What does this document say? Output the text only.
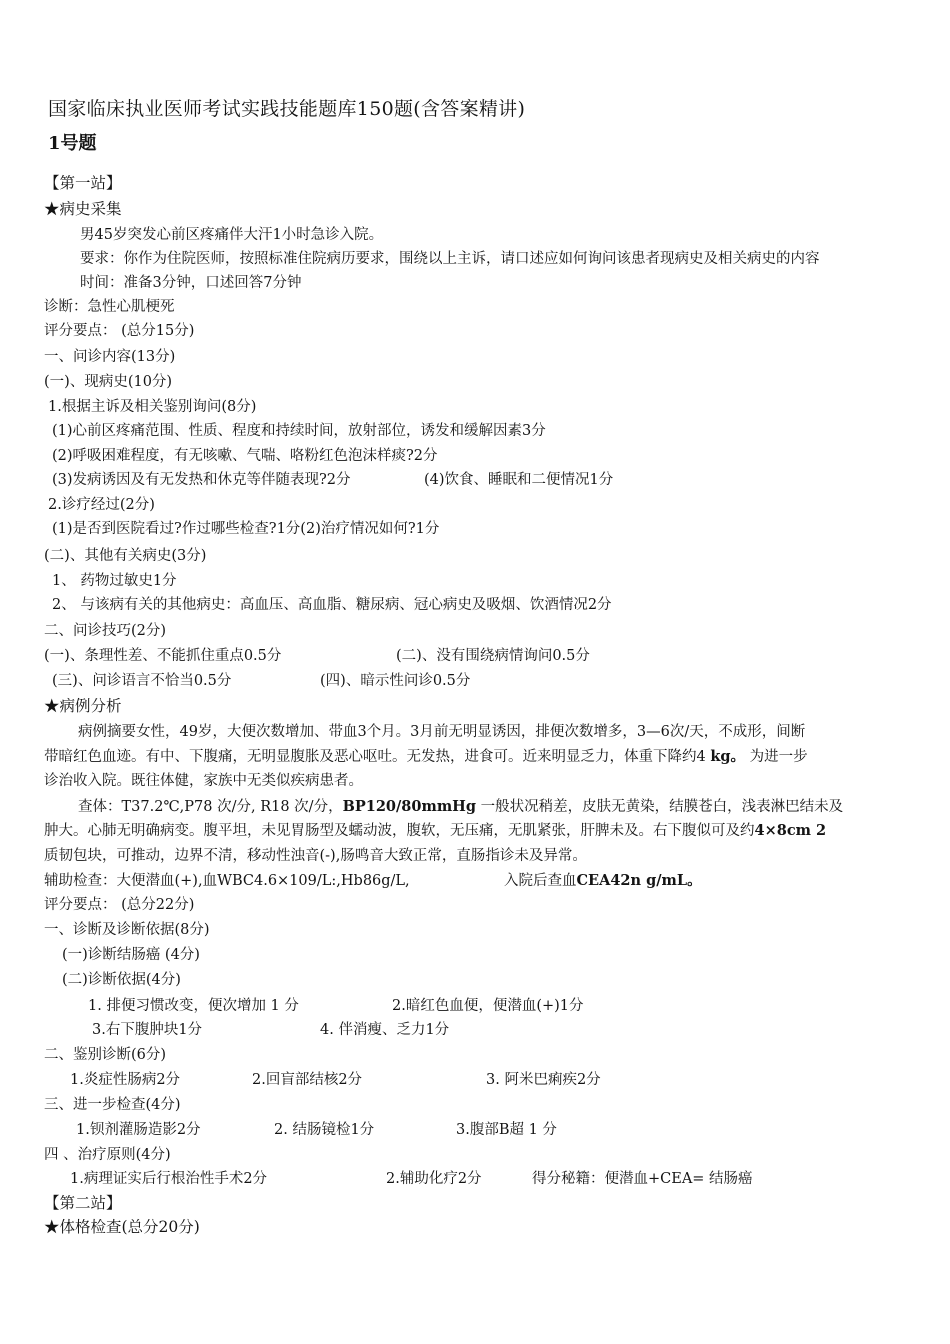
国家临床执业医师考试实践技能题库150题(含答案精讲)
1号题
【第一站】
★病史采集
男45岁突发心前区疼痛伴大汗1小时急诊入院。
要求：你作为住院医师，按照标准住院病历要求，围绕以上主诉，请口述应如何询问该患者现病史及相关病史的内容
时间：准备3分钟，口述回答7分钟
诊断：急性心肌梗死
评分要点： (总分15分)
一、问诊内容(13分)
(一)、现病史(10分)
1.根据主诉及相关鉴别询问(8分)
(1)心前区疼痛范围、性质、程度和持续时间，放射部位，诱发和缓解因素3分
(2)呼吸困难程度，有无咳嗽、气喘、咯粉红色泡沫样痰?2分
(3)发病诱因及有无发热和休克等伴随表现?2分	(4)饮食、睡眠和二便情况1分
2.诊疗经过(2分)
(1)是否到医院看过?作过哪些检查?1分(2)治疗情况如何?1分
(二)、其他有关病史(3分)
1、 药物过敏史1分
2、 与该病有关的其他病史：高血压、高血脂、糖尿病、冠心病史及吸烟、饮酒情况2分
二、问诊技巧(2分)
(一)、条理性差、不能抓住重点0.5分	(二)、没有围绕病情询问0.5分
(三)、问诊语言不恰当0.5分	(四)、暗示性问诊0.5分
★病例分析
病例摘要女性，49岁，大便次数增加、带血3个月。3月前无明显诱因，排便次数增多，3—6次/天，不成形，间断
带暗红色血迹。有中、下腹痛，无明显腹胀及恶心呕吐。无发热，进食可。近来明显乏力，体重下降约4 kg。 为进一步
诊治收入院。既往体健，家族中无类似疾病患者。
查体：T37.2℃,P78 次/分, R18 次/分，BP120/80mmHg 一般状况稍差，皮肤无黄染，结膜苍白，浅表淋巴结未及
肿大。心肺无明确病变。腹平坦，未见胃肠型及蠕动波，腹软，无压痛，无肌紧张，肝脾未及。右下腹似可及约4×8cm 2
质韧包块，可推动，边界不清，移动性浊音(-),肠鸣音大致正常，直肠指诊未及异常。
辅助检查：大便潜血(+),血WBC4.6×109/L:,Hb86g/L,	入院后查血CEA42n g/mL。
评分要点： (总分22分)
一、诊断及诊断依据(8分)
(一)诊断结肠癌 (4分)
(二)诊断依据(4分)
1. 排便习惯改变，便次增加 1 分	2.暗红色血便，便潜血(+)1分
3.右下腹肿块1分	4. 伴消瘦、乏力1分
二、鉴别诊断(6分)
1.炎症性肠病2分	2.回盲部结核2分	3. 阿米巴痢疾2分
三、进一步检查(4分)
1.钡剂灌肠造影2分	2. 结肠镜检1分	3.腹部B超 1 分
四 、治疗原则(4分)
1.病理证实后行根治性手术2分	2.辅助化疗2分	得分秘籍：便潜血+CEA= 结肠癌
【第二站】
★体格检查(总分20分)
